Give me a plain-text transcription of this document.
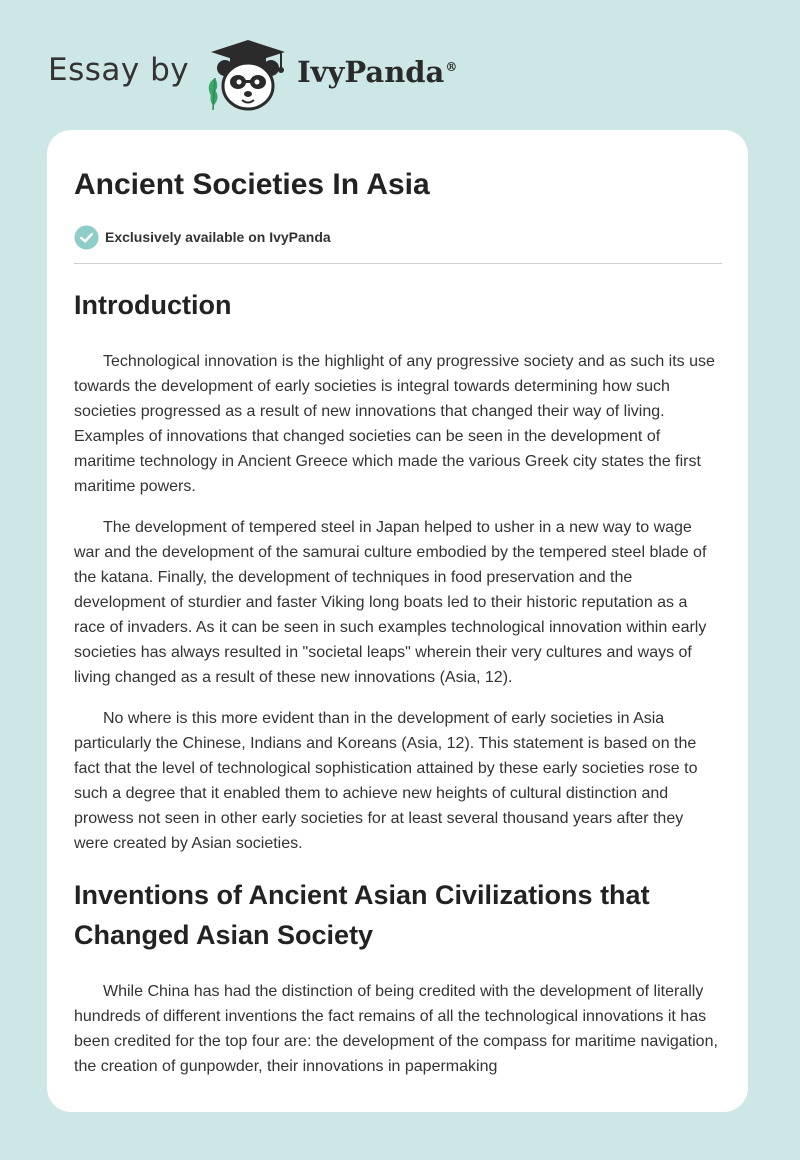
Essay by	IvyPanda®
Ancient Societies In Asia
Exclusively available on IvyPanda
Introduction

Technological innovation is the highlight of any progressive society and as such its use towards the development of early societies is integral towards determining how such societies progressed as a result of new innovations that changed their way of living. Examples of innovations that changed societies can be seen in the development of maritime technology in Ancient Greece which made the various Greek city states the first maritime powers.

The development of tempered steel in Japan helped to usher in a new way to wage war and the development of the samurai culture embodied by the tempered steel blade of the katana. Finally, the development of techniques in food preservation and the development of sturdier and faster Viking long boats led to their historic reputation as a race of invaders. As it can be seen in such examples technological innovation within early societies has always resulted in "societal leaps" wherein their very cultures and ways of living changed as a result of these new innovations (Asia, 12).

No where is this more evident than in the development of early societies in Asia particularly the Chinese, Indians and Koreans (Asia, 12). This statement is based on the fact that the level of technological sophistication attained by these early societies rose to such a degree that it enabled them to achieve new heights of cultural distinction and prowess not seen in other early societies for at least several thousand years after they were created by Asian societies.

Inventions of Ancient Asian Civilizations that Changed Asian Society

While China has had the distinction of being credited with the development of literally hundreds of different inventions the fact remains of all the technological innovations it has been credited for the top four are: the development of the compass for maritime navigation, the creation of gunpowder, their innovations in papermaking
